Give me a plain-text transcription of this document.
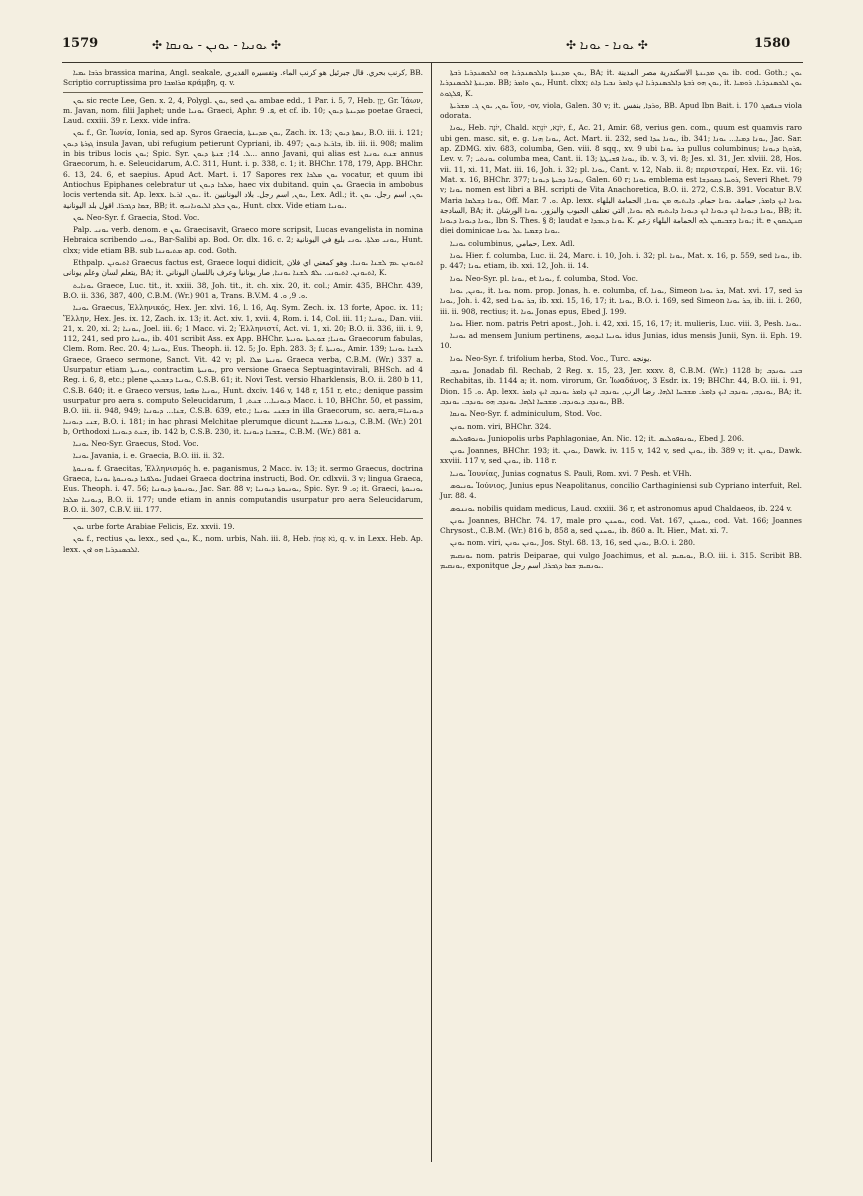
1579	✣ ܝܘܢܝܐ - ܝܘܢܢ - ܝܘܢܩܐ ✣	✣ ܝܘܢܐ - ܝܘܢܐ ✣	1580

ܟܪܒܐ ܝܡܝܐ brassica marina, Angl. seakale, كرنب بحري. قال جبرئيل هو كرنب الماء. وتفسيره القديري, BB. Scriptio corruptissima pro ܩܪܐܡܒܐ κράμβη, q. v.

ܝܘܢ sic recte Lee, Gen. x. 2, 4, Polygl. ܝܘܢ, sed ܝܘܢ ambae edd., 1 Par. i. 5, 7, Heb. יָוָן, Gr. Ἰάων, m. Javan, nom. filii Japhet; unde ܝܘܢܝܐ Graeci, Aphr. ܦ. 9, et cf. ib. 10; ܡܕܝܢܬܐ ܕܝܘܢ poetae Graeci, Laud. cxxiii. 39 r. Lexx. vide infra.

ܝܘܢ f., Gr. Ἰωνία, Ionia, sed ap. Syros Graecia, ܝܘܢ ܡܕܝܢܬܐ, Zach. ix. 13; ܢܣܬܐ ܕܝܘܢ, B.O. iii. i. 121; ܓܙܪܬܐ ܕܝܘܢ insula Javan, ubi refugium petierunt Cypriani, ib. 497; ܒܐܪܥܐ ܕܝܘܢ, ib. iii. ii. 908; malim in bis tribus locis ܝܘܢ; Spic. Syr. ܠ. 14; ܫܢܬܐ ܕܝܘܢ... anno Javani, qui alias est ܫܢܬ ܝܘܢܝܐ annus Graecorum, h. e. Seleucidarum, A.C. 311, Hunt. i. p. 338, c. 1; it. BHChr. 178, 179, App. BHChr. 6. 13, 24. 6, et saepius. Apud Act. Mart. i. 17 Sapores rex ܝܘܢ ܡܠܟܐ vocatur, et quum ibi Antiochus Epiphanes celebratur ut ܡܠܟܐ ܕܝܘܢ, haec vix dubitand. quin ܝܘܢ Graecia in ambobus locis vertenda sit. Ap. lexx. ܝܘܢ. ܐܪܥܐ. it. ܝܘܢ, اسم رجل. بلاد اليونانيين, Lex. Adl.; it. ܝܘܢ, اسم رجل. ܝܘܢ ܫܡܐ ܕܓܒܪܐ. اقول بلد اليونانية, BB; it. ܝܘܢ ܒܠܕ ܐܠܝܘܢܐܢܝܗ, Hunt. clxx. Vide etiam ܝܘܢܝܐ.

ܝܘܢ Neo-Syr. f. Graecia, Stod. Voc.

Palp. ܝܘܢܝ verb. denom. e ܝܘܢ Graecisavit, Graeco more scripsit, Lucas evangelista in nomina Hebraica scribendo ܝܘܢܝ, Bar-Salibi ap. Bod. Or. dlx. 16. c. 2; ܝܘܢܝ ܡܠܬܐ. ܝܘܢܝ بليغ في اليونانية, Hunt. clxx; vide etiam BB. sub ܡܬܝܘܢܢܐ ap. cod. Goth.

Ethpalp. ܐܬܝܘܢܢ Graecus factus est, Graece loqui didicit, ܐܬܝܘܢܢ ܥܡ ܠܫܢܐ ܝܘܢܝܐ. وهو كمعني اي فلان يتعلم لسان وعلم يونانى, BA; it. ܐܬܝܘܢܢ. ܐܬܝܘܢܝ. ܝܠܦ ܠܫܢܐ ܝܘܢܝܐ, صار يونانيا وعرف باللسان اليوناني, K.

ܝܘܢܐܝܬ Graece, Luc. tit., it. xxiii. 38, Joh. tit., it. ch. xix. 20, it. col.; Amir. 435, BHChr. 439, B.O. ii. 336, 387, 400, C.B.M. (Wr.) 901 a, Trans. B.V.M. ܘ. 9, ܘ. 4.

ܝܘܢܝܐ Graecus, Ἑλληνικός, Hex. Jer. xlvi. 16, l. 16, Aq. Sym. Zech. ix. 13 forte, Apoc. ix. 11; Ἕλλην, Hex. Jes. ix. 12, Zach. ix. 13; it. Act. xiv. 1, xvii. 4, Rom. i. 14, Col. iii. 11; ܝܘܢܝܐ, Dan. viii. 21, x. 20, xi. 2; ܝܘܢܝܐ, Joel. iii. 6; 1 Macc. vi. 2; Ἑλληνιστί, Act. vi. 1, xi. 20; B.O. ii. 336, iii. i. 9, 112, 241, sed pro ܝܘܢܝܐ, ib. 401 scribit Ass. ex App. BHChr. ܝܘܢܝܐ; ܫܘܥܝܬܐ ܝܘܢܝܬܐ Graecorum fabulas, Clem. Rom. Rec. 20. 4; ܝܘܢܝܐ, Eus. Theoph. ii. 12. 5; Jo. Eph. 283. 3; f. ܝܘܢܝܬܐ, Amir. 139; ܠܫܢܐ ܝܘܢܝܐ Graece, Graeco sermone, Sanct. Vit. 42 v; pl. ܝܘܢܝܬܐ ܡܠܐ Graeca verba, C.B.M. (Wr.) 337 a. Usurpatur etiam ܝܘܢܝܬܐ, contractim ܝܘܢܝܬܐ, pro versione Graeca Septuagintavirali, BHSch. ad 4 Reg. i. 6, 8, etc.; plene ܝܘܢܝܐ ܕܫܒܥܝܢ, C.S.B. 61; it. Novi Test. versio Hharklensis, B.O. ii. 280 b 11, C.S.B. 640; it. e Graeco versus, ܝܘܢܝܐ ܡܦܩܐ, Hunt. dxciv. 146 v, 148 r, 151 r, etc.; denique passim usurpatur pro aera s. computo Seleucidarum, ܕܝܘܢܝܐ... ܫܢܬ, 1 Macc. i. 10, BHChr. 50, et passim, B.O. iii. ii. 948, 949; ܫܢܐ... ܕܝܘܢܝܐ, C.S.B. 639, etc.; ܒܫܢܝ ܝܘܢܝܐ in illa Graecorum, sc. aera,=ܕܝܘܢܝܐ ܫܢܝ ܕܝܘܢܝܐ, B.O. i. 181; in hac phrasi Melchitae plerumque dicunt ܕܝܘܢܝܐ ܡܫܝܚܝܐ, C.B.M. (Wr.) 201 b, Orthodoxi ܫܢܬ ܕܝܘܢܝܐ, ib. 142 b, C.S.B. 230, it. ܚܫܒܢܐ ܕܝܘܢܝܐ, C.B.M. (Wr.) 881 a.

ܝܘܢܝܐ Neo-Syr. Graecus, Stod. Voc.

ܝܘܢܝܐ Javania, i. e. Graecia, B.O. iii. ii. 32.

ܝܘܢܝܘܬܐ f. Graecitas, Ἑλληνισμός h. e. paganismus, 2 Macc. iv. 13; it. sermo Graecus, doctrina Graeca, ܝܘܠܦܢܐ ܕܝܘܢܝܘܬܐ ܝܘܢܝܐ Judaei Graeca doctrina instructi, Bod. Or. cdlxvii. 3 v; lingua Graeca, Eus. Theoph. i. 47. 56; ܝܘܢܝܘܬܐ ܕܝܘܢܝܐ, Jac. Sar. 88 v; ܝܘܢܝܘܬܐ ܕܝܘܢܝܐ, Spic. Syr. ܘ. 9; it. Graeci, ܝܘܢܝܘܬܐ ܕܝܘܢܝܐ ܡܠܟܐ, B.O. ii. 177; unde etiam in annis computandis usurpatur pro aera Seleucidarum, B.O. ii. 307, C.B.V. iii. 177.

ܝܘܢ urbe forte Arabiae Felicis, Ez. xxvii. 19.

ܝܘܢ f., rectius ܝܘܢ lexx., sed ܝܘܢ, K., nom. urbis, Nah. iii. 8, Heb. נֹא אָמוֹן, q. v. in Lexx. Heb. Ap. lexx. ܐܠܟܣܢܕܪܝܐ ܗܘ ܐܘܢ.

ܝܘܢ ܡܕܝܢܬܐ ܕܐܠܟܣܢܕܪܝܐ ܗܘ ܐܠܟܣܢܕܪܝܐ ܪܒܬܐ, BA; it. ܝܘܢ ܡܕܝܢܬܐ الاسكندرية مصر المدينة ib. cod. Goth.; ܝܘܢ ܡܕܝܢܬܐ ܐܠܟܣܢܕܪܝܐ. BB; ܝܘܢ ܘܐܡܪ, Hunt. clxx; ܝܘܢ ܗܘ ܪܒܬܐ ܕܐܠܟܣܢܕܪܝܐ ܐܝܟ ܕܐܡܪ ܢܒܝܐ ܕܐܬ, it. ܝܘܢ ܐܠܟܣܢܕܪܝܐ. ܪܘܡܝܐ ܦܠܓܘܬ, K.

ܝܘܢ, ܝܘܢ ܓ. ܡܫܪܝܬܐ ἴον, -ov, viola, Galen. 30 v; it. ܘܪܕܐ, بنفس, BB. Apud Ibn Bait. i. 170 ܒܢܦܣܓ viola odorata.

ܝܘܢܐ, Heb. יוֹנָה, Chald. יוֹנָא, יוֹנְתָא, f., Ac. 21, Amir. 68, verius gen. com., quum est quamvis raro ubi gen. masc. sit, e. g. ܝܘܢܐ ܗܢܐ, Act. Mart. ii. 232, sed ܝܘܢܐ ܚܕܐ, ib. 341; ܝܘܢܐ ܕܡܝܐ... ܝܘܢܐ, Jac. Sar. ap. ZDMG. xiv. 683, columba, Gen. viii. 8 sqq., xv. 9 ubi ܒܪ ܝܘܢܐ pullus columbinus; ܦܪܘܓܐ ܕܝܘܢܐ, Lev. v. 7; ܝܘܢܬܝ columba mea, Cant. ii. 13; ܝܘܢܐ ܦܫܝܛܬܐ, ib. v. 3, vi. 8; Jes. xl. 31, Jer. xlviii. 28, Hos. vii. 11, xi. 11, Mat. iii. 16, Joh. i. 32; pl. ܝܘܢܐ, Cant. v. 12, Nab. ii. 8; περιστεραί, Hex. Ez. vii. 16; Mat. x. 16, BHChr. 377; ܝܘܢܐ ܕܒܝܬܐ ܕܝܘܢܐ, Galen. 60 r; ܝܘܢܐ emblema est ܪܘܚܐ ܕܩܘܕܫܐ, Severi Rhet. 79 v; ܝܘܢܐ nomen est libri a BH. scripti de Vita Anachoretica, B.O. ii. 272, C.S.B. 391. Vocatur B.V. Maria ܝܘܢܐ ܕܫܠܡܐ, Off. Mar. ܘ. 7. Ap. lexx. ܝܘܢܐ ܐܝܟ ܕܐܡܪ, حمامة. ܝܘܢܐ حمام. ܕܐܝܬܝܗ ܡܢ ܝܘܢܐ, الحمامة البلهاء السادجة, BA; it. ܝܘܢܐ ܕܝܘܢܐ ܐܝܟ ܕܝܘܢܐ ܐܝܟ ܕܝܘܢܐ ܕܐܝܬܝܗ ܠܗ ܝܘܢܐ, التي تعتلف الحبوب والبزور. ܝܘܢܐ الورشان, BB; it. ܝܘܢܐ ܕܝܘܢܐ ܕܝܘܢܐ, Ibn S. Thes. § 8; laudat e ܝܘܢܐ ܕܥܒܕܐ K. ܝܘܢܐ ܕܫܒܝܩܝܢ ܠܗ الحمامة البلهاء زعم; it. e ܩܢܛܝܩܘܢ diei dominicae ܝܘܢܐ ܕܫܡܝܐ ܥܠ ܝܘܢܐ.

ܝܘܢܝܐ columbinus, حمامي, Lex. Adl.

ܝܘܢܐ Hier. f. columba, Luc. ii. 24, Marc. i. 10, Joh. i. 32; pl. ܝܘܢܐ, Mat. x. 16, p. 559, sed ܝܘܢܐ, ib. p. 447; ܝܘܢܐ etiam, ib. xxi. 12, Joh. ii. 14.

ܝܘܢܐ Neo-Syr. pl. ܝܘܢܐ, et ܝܘܢܐ, f. columba, Stod. Voc.

ܝܘܢܢ, ܝܘܢܐ, it. ܝܘܢܐ nom. prop. Jonas, h. e. columba, cf. ܝܘܢܐ, Simeon ܒܪ ܝܘܢܐ, Mat. xvi. 17, sed ܒܪ ܝܘܢܐ, Joh. i. 42, sed ܒܪ ܝܘܢܐ, ib. xxi. 15, 16, 17; it. ܝܘܢܐ, B.O. i. 169, sed Simeon ܒܪ ܝܘܢܐ, ib. iii. i. 260, iii. ii. 908, rectius; it. ܝܘܢܐ Jonas epus, Ebed J. 199.

ܝܘܢܐ Hier. nom. patris Petri apost., Joh. i. 42, xxi. 15, 16, 17; it. mulieris, Luc. viii. 3, Pesh. ܝܘܢܐ.

ܝܘܢܝܐ ad mensem Junium pertinens, ܝܘܢܝܐ ܐܝܕܘܣ idus Junias, idus mensis Junii, Syn. ii. Eph. 19. 10.

ܝܘܢܐ Neo-Syr. f. trifolium herba, Stod. Voc., Turc. يونجه.

ܝܘܢܕܒ Jonadab fil. Rechab, 2 Reg. x. 15, 23, Jer. xxxv. 8, C.B.M. (Wr.) 1128 b; ܒܢܝ ܝܘܢܕܒ Rechabitas, ib. 1144 a; it. nom. virorum, Gr. Ἰωαδάνος, 3 Esdr. ix. 19; BHChr. 44, B.O. iii. i. 91, Dion. ܘ. 15. Ap. lexx. ܝܘܢܕܒ, ܝܘܢܕܒ ܐܝܟ ܕܐܡܪ. ܡܫܒܚܐ ܐܠܗܐ. رضا الرب, ܝܘܢܕܒ ܐܝܟ ܕܐܡܪ ܝܘܢܕܒ ܐܝܟ ܕܐܡܪ, BA; it. ܝܘܢܕܒ ܕܝܘܢܕܒ. ܡܫܒܚܐ ܐܠܗܐ. ܝܘܢܕܒ ܗܘ ܝܘܢܕܒ. ܝܘܢܕܒ, BB.

ܝܘܢܩܐ Neo-Syr. f. adminiculum, Stod. Voc.

ܝܘܢܢ nom. viri, BHChr. 324.

ܝܘܢܘܦܘܠܝܣ Juniopolis urbs Paphlagoniae, An. Nic. 12; it. ܝܘܢܘܦܘܠܝܣ, Ebed J. 206.

ܝܘܢܢ Joannes, BHChr. 193; it. ܝܘܢܢ, Dawk. iv. 115 v, 142 v, sed ܝܘܢܢ, ib. 389 v; it. ܝܘܢܢ, Dawk. xxviii. 117 v, sed ܝܘܢܢ, ib. 118 r.

ܝܘܢܝܐ Ἰουνίας, Junias cognatus S. Pauli, Rom. xvi. 7 Pesh. et VHh.

ܝܘܢܝܘܣ Ἰούνιος, Junius epus Neapolitanus, concilio Carthaginiensi sub Cypriano interfuit, Rel. Jur. 88. 4.

ܝܘܢܢܘܣ nobilis quidam medicus, Laud. cxxiii. 36 r, et astronomus apud Chaldaeos, ib. 224 v.

ܝܘܢܢ Joannes, BHChr. 74. 17, male pro ܝܘܚܢܢ, cod. Vat. 167, ܝܘܚܢܢ, cod. Vat. 166; Joannes Chrysost., C.B.M. (Wr.) 816 b, 858 a, sed ܝܘܚܢܢ, ib. 860 a. It. Hier., Mat. xi. 7.

ܝܘܢܢ nom. viri, ܝܘܢܢ ܝܘܢܢ, Jos. Styl. 68. 13, 16, sed ܝܘܢܢ, B.O. i. 280.

ܝܘܢܩܝܡ nom. patris Deiparae, qui vulgo Joachimus, et al. ܝܘܝܩܝܡ, B.O. iii. i. 315. Scribit BB. ܝܘܢܩܝܡ, exponitque ܝܘܢܩܝܡ ܫܡܐ ܕܓܒܪܐ, اسم رجل.
